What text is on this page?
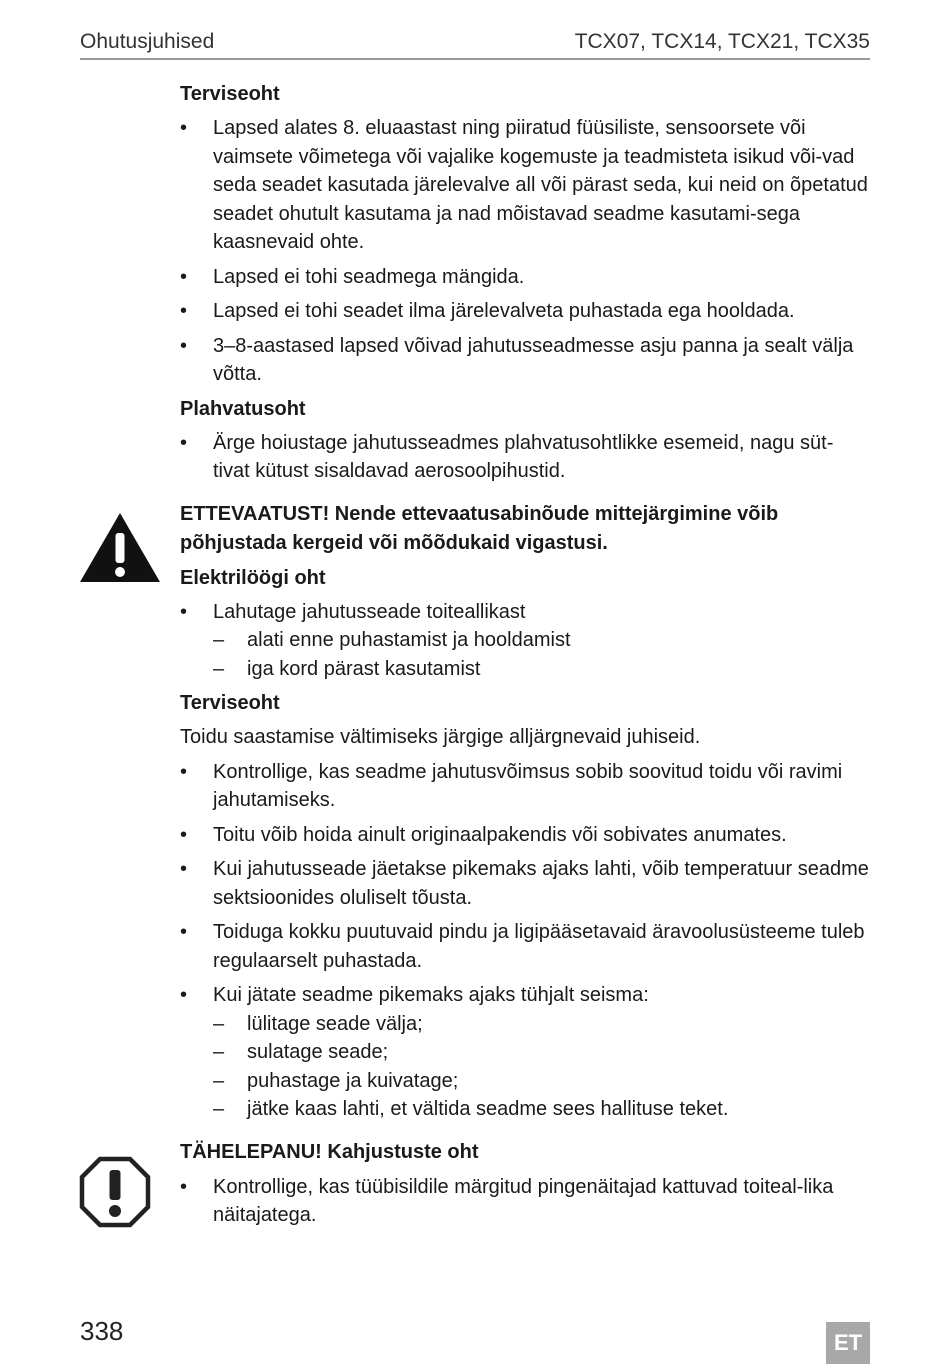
Ohutusjuhised	TCX07, TCX14, TCX21, TCX35
Terviseoht
• Lapsed alates 8. eluaastast ning piiratud füüsiliste, sensoorsete või vaimsete võimetega või vajalike kogemuste ja teadmisteta isikud või-vad seda seadet kasutada järelevalve all või pärast seda, kui neid on õpetatud seadet ohutult kasutama ja nad mõistavad seadme kasutami-sega kaasnevaid ohte.
• Lapsed ei tohi seadmega mängida.
• Lapsed ei tohi seadet ilma järelevalveta puhastada ega hooldada.
• 3–8-aastased lapsed võivad jahutusseadmesse asju panna ja sealt välja võtta.
Plahvatusoht
• Ärge hoiustage jahutusseadmes plahvatusohtlikke esemeid, nagu süt-tivat kütust sisaldavad aerosoolpihustid.
ETTEVAATUST! Nende ettevaatusabinõude mittejärgimine võib põhjustada kergeid või mõõdukaid vigastusi.
Elektrilöögi oht
• Lahutage jahutusseade toiteallikast
– alati enne puhastamist ja hooldamist
– iga kord pärast kasutamist
Terviseoht
Toidu saastamise vältimiseks järgige alljärgnevaid juhiseid.
• Kontrollige, kas seadme jahutusvõimsus sobib soovitud toidu või ravimi jahutamiseks.
• Toitu võib hoida ainult originaalpakendis või sobivates anumates.
• Kui jahutusseade jäetakse pikemaks ajaks lahti, võib temperatuur seadme sektsioonides oluliselt tõusta.
• Toiduga kokku puutuvaid pindu ja ligipääsetavaid äravoolusüsteeme tuleb regulaarselt puhastada.
• Kui jätate seadme pikemaks ajaks tühjalt seisma:
– lülitage seade välja;
– sulatage seade;
– puhastage ja kuivatage;
– jätke kaas lahti, et vältida seadme sees hallituse teket.
TÄHELEPANU! Kahjustuste oht
• Kontrollige, kas tüübisildile märgitud pingenäitajad kattuvad toiteal-lika näitajatega.
338	ET
